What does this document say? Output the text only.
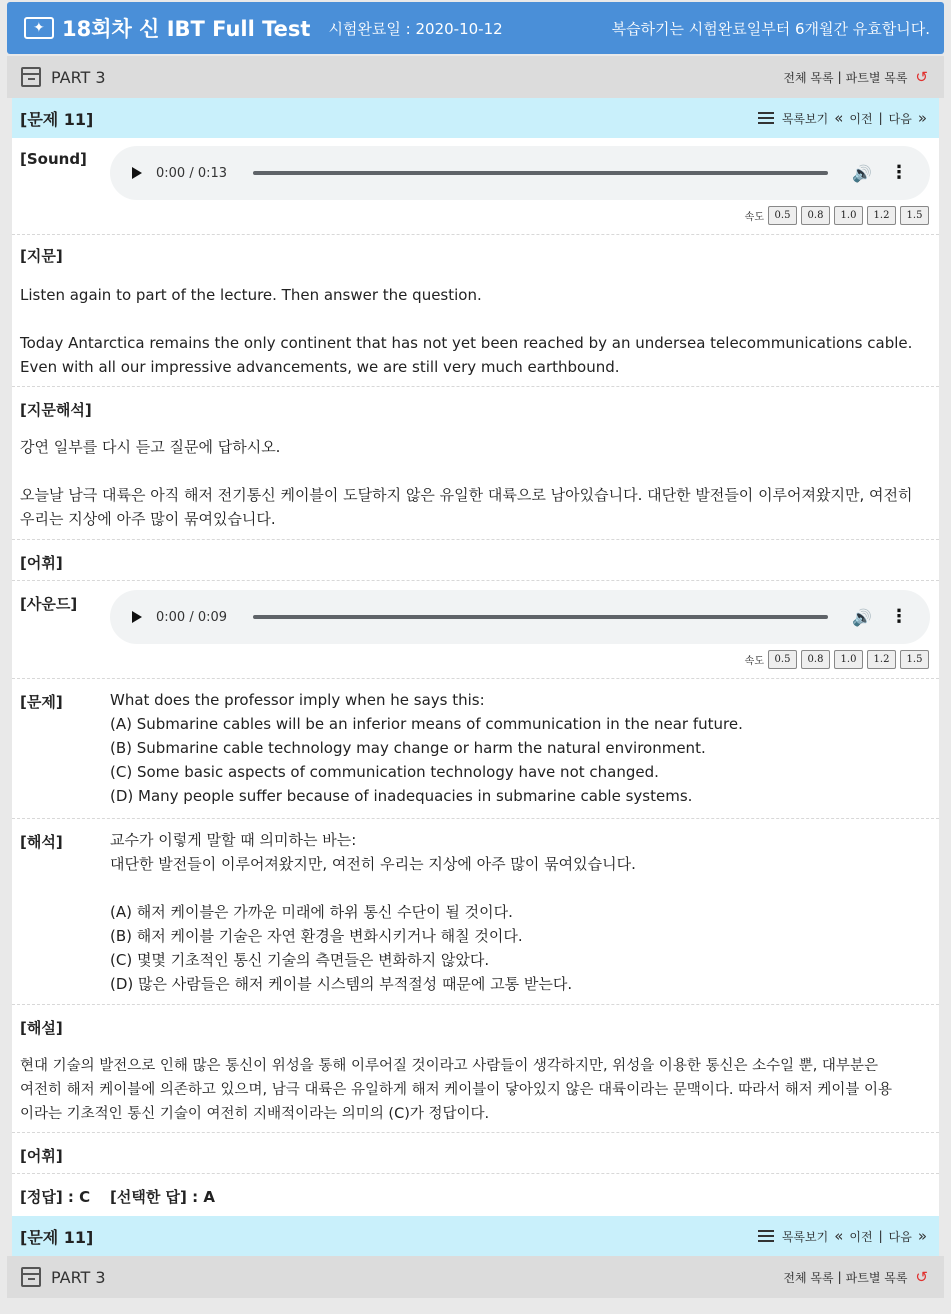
✦
18회차 신 IBT Full Test 시험완료일 : 2020-10-12	복습하기는 시험완료일부터 6개월간 유효합니다.
PART 3	전체 목록 | 파트별 목록 ↺
[문제 11]	목록보기 « 이전 | 다음 »
[Sound]
0:00 / 0:13	🔊 ⋮
속도	0.5	0.8	1.0	1.2	1.5
[지문]
Listen again to part of the lecture. Then answer the question.
Today Antarctica remains the only continent that has not yet been reached by an undersea telecommunications cable.
Even with all our impressive advancements, we are still very much earthbound.
[지문해석]
강연 일부를 다시 듣고 질문에 답하시오.
오늘날 남극 대륙은 아직 해저 전기통신 케이블이 도달하지 않은 유일한 대륙으로 남아있습니다. 대단한 발전들이 이루어져왔지만, 여전히
우리는 지상에 아주 많이 묶여있습니다.
[어휘]
[사운드]
0:00 / 0:09	🔊 ⋮
속도	0.5	0.8	1.0	1.2	1.5
[문제]	What does the professor imply when he says this:
(A) Submarine cables will be an inferior means of communication in the near future.
(B) Submarine cable technology may change or harm the natural environment.
(C) Some basic aspects of communication technology have not changed.
(D) Many people suffer because of inadequacies in submarine cable systems.
[해석]	교수가 이렇게 말할 때 의미하는 바는:
대단한 발전들이 이루어져왔지만, 여전히 우리는 지상에 아주 많이 묶여있습니다.
(A) 해저 케이블은 가까운 미래에 하위 통신 수단이 될 것이다.
(B) 해저 케이블 기술은 자연 환경을 변화시키거나 해칠 것이다.
(C) 몇몇 기초적인 통신 기술의 측면들은 변화하지 않았다.
(D) 많은 사람들은 해저 케이블 시스템의 부적절성 때문에 고통 받는다.
[해설]
현대 기술의 발전으로 인해 많은 통신이 위성을 통해 이루어질 것이라고 사람들이 생각하지만, 위성을 이용한 통신은 소수일 뿐, 대부분은
여전히 해저 케이블에 의존하고 있으며, 남극 대륙은 유일하게 해저 케이블이 닿아있지 않은 대륙이라는 문맥이다. 따라서 해저 케이블 이용
이라는 기초적인 통신 기술이 여전히 지배적이라는 의미의 (C)가 정답이다.
[어휘]
[정답] : C [선택한 답] : A
[문제 11]	목록보기 « 이전 | 다음 »
PART 3	전체 목록 | 파트별 목록 ↺
